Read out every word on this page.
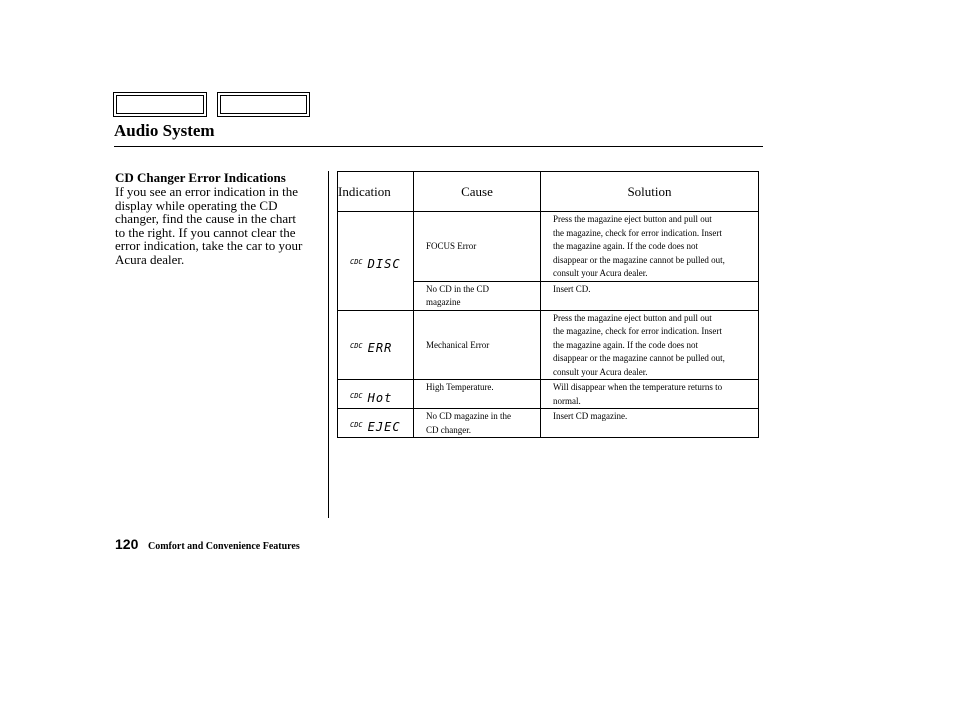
Audio System

CD Changer Error Indications

If you see an error indication in the
display while operating the CD
changer, find the cause in the chart
to the right. If you cannot clear the
error indication, take the car to your
Acura dealer.

Indication	Cause	Solution

CDC DISC	FOCUS Error	Press the magazine eject button and pull out
the magazine, check for error indication. Insert
the magazine again. If the code does not
disappear or the magazine cannot be pulled out,
consult your Acura dealer.
	No CD in the CD
magazine	Insert CD.

CDC ERR	Mechanical Error	Press the magazine eject button and pull out
the magazine, check for error indication. Insert
the magazine again. If the code does not
disappear or the magazine cannot be pulled out,
consult your Acura dealer.

CDC Hot	High Temperature.	Will disappear when the temperature returns to
normal.

CDC EJEC	No CD magazine in the
CD changer.	Insert CD magazine.
120 Comfort and Convenience Features
